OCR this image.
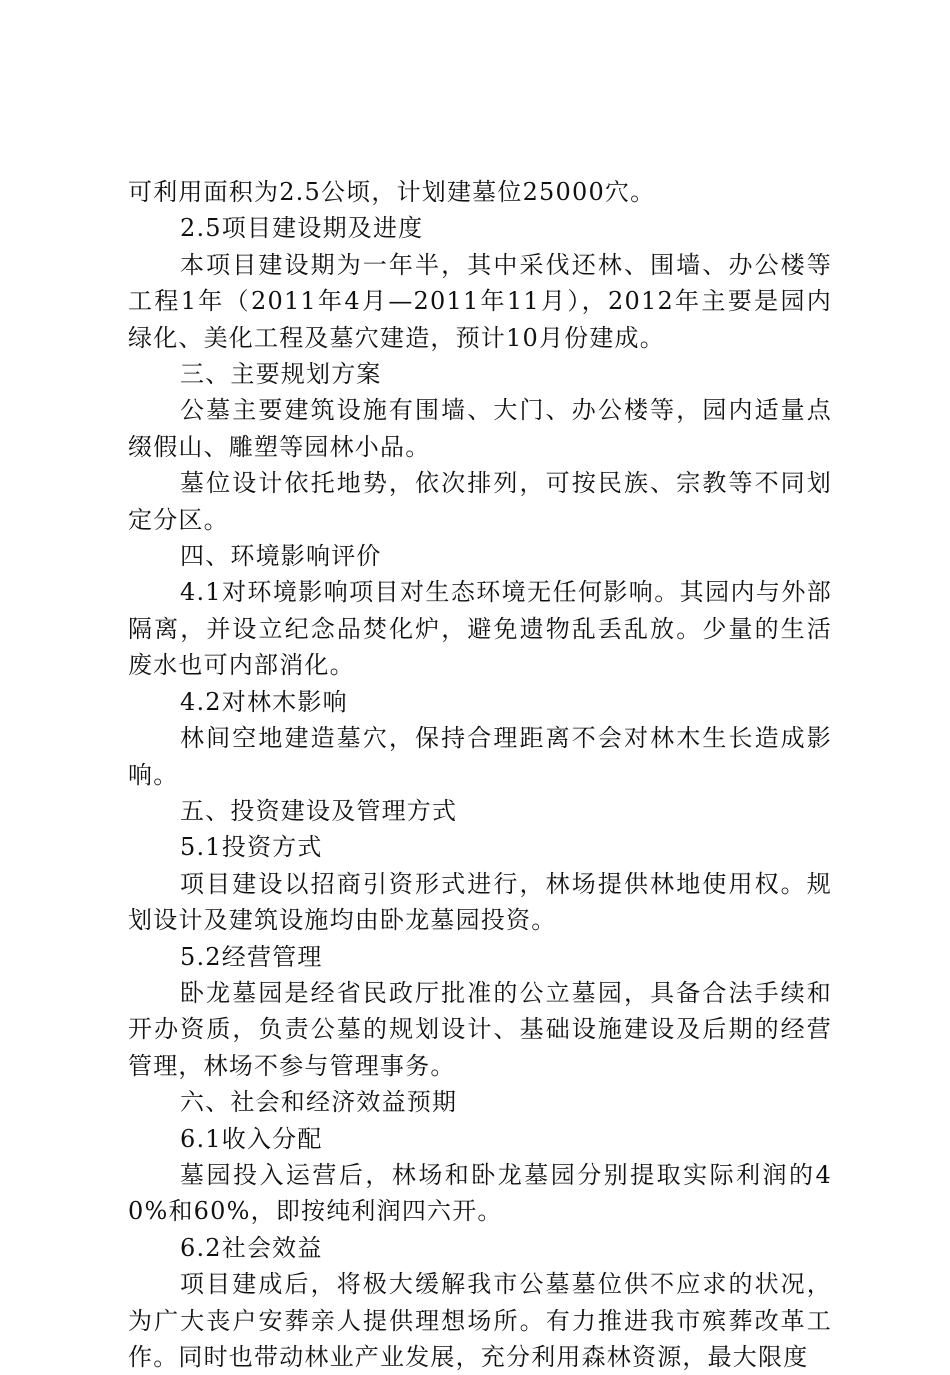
可利用面积为2.5公顷，计划建墓位25000穴。

2.5项目建设期及进度

本项目建设期为一年半，其中采伐还林、围墙、办公楼等工程1年（2011年4月—2011年11月），2012年主要是园内绿化、美化工程及墓穴建造，预计10月份建成。

三、主要规划方案

公墓主要建筑设施有围墙、大门、办公楼等，园内适量点缀假山、雕塑等园林小品。

墓位设计依托地势，依次排列，可按民族、宗教等不同划定分区。

四、环境影响评价

4.1对环境影响项目对生态环境无任何影响。其园内与外部隔离，并设立纪念品焚化炉，避免遗物乱丢乱放。少量的生活废水也可内部消化。

4.2对林木影响

林间空地建造墓穴，保持合理距离不会对林木生长造成影响。

五、投资建设及管理方式

5.1投资方式

项目建设以招商引资形式进行，林场提供林地使用权。规划设计及建筑设施均由卧龙墓园投资。

5.2经营管理

卧龙墓园是经省民政厅批准的公立墓园，具备合法手续和开办资质，负责公墓的规划设计、基础设施建设及后期的经营管理，林场不参与管理事务。

六、社会和经济效益预期

6.1收入分配

墓园投入运营后，林场和卧龙墓园分别提取实际利润的40%和60%，即按纯利润四六开。

6.2社会效益

项目建成后，将极大缓解我市公墓墓位供不应求的状况，为广大丧户安葬亲人提供理想场所。有力推进我市殡葬改革工作。同时也带动林业产业发展，充分利用森林资源，最大限度
